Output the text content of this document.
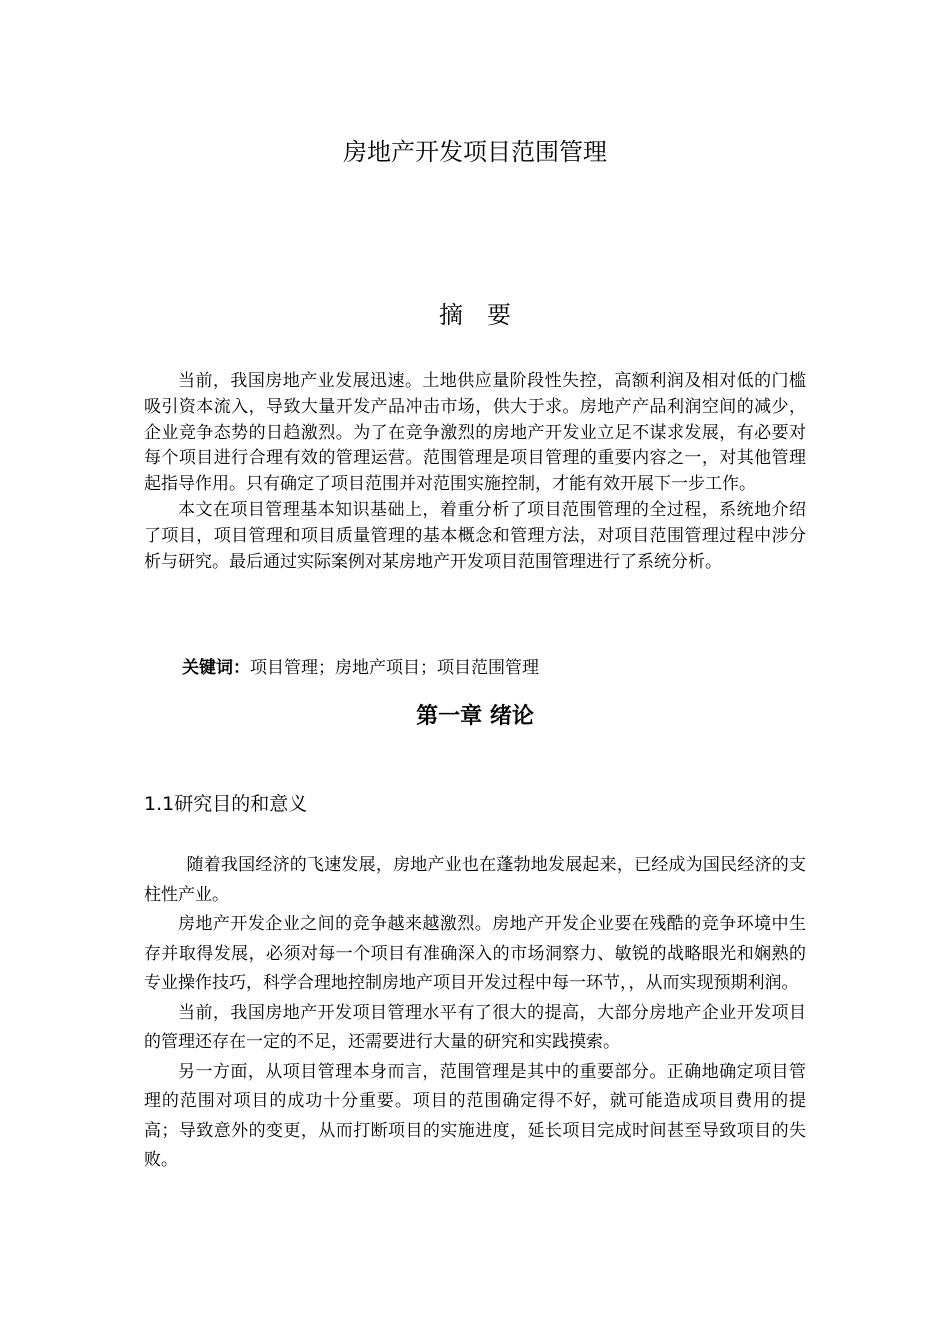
房地产开发项目范围管理
摘要

当前，我国房地产业发展迅速。土地供应量阶段性失控，高额利润及相对低的门槛吸引资本流入，导致大量开发产品冲击市场，供大于求。房地产产品利润空间的减少，企业竞争态势的日趋激烈。为了在竞争激烈的房地产开发业立足不谋求发展，有必要对每个项目进行合理有效的管理运营。范围管理是项目管理的重要内容之一，对其他管理起指导作用。只有确定了项目范围并对范围实施控制，才能有效开展下一步工作。

本文在项目管理基本知识基础上，着重分析了项目范围管理的全过程，系统地介绍了项目，项目管理和项目质量管理的基本概念和管理方法，对项目范围管理过程中涉分析与研究。最后通过实际案例对某房地产开发项目范围管理进行了系统分析。

关键词：项目管理；房地产项目；项目范围管理
第一章 绪论
1.1研究目的和意义

随着我国经济的飞速发展，房地产业也在蓬勃地发展起来，已经成为国民经济的支柱性产业。

房地产开发企业之间的竞争越来越激烈。房地产开发企业要在残酷的竞争环境中生存并取得发展，必须对每一个项目有准确深入的市场洞察力、敏锐的战略眼光和娴熟的专业操作技巧，科学合理地控制房地产项目开发过程中每一环节，，从而实现预期利润。

当前，我国房地产开发项目管理水平有了很大的提高，大部分房地产企业开发项目的管理还存在一定的不足，还需要进行大量的研究和实践摸索。

另一方面，从项目管理本身而言，范围管理是其中的重要部分。正确地确定项目管理的范围对项目的成功十分重要。项目的范围确定得不好，就可能造成项目费用的提高；导致意外的变更，从而打断项目的实施进度，延长项目完成时间甚至导致项目的失败。
